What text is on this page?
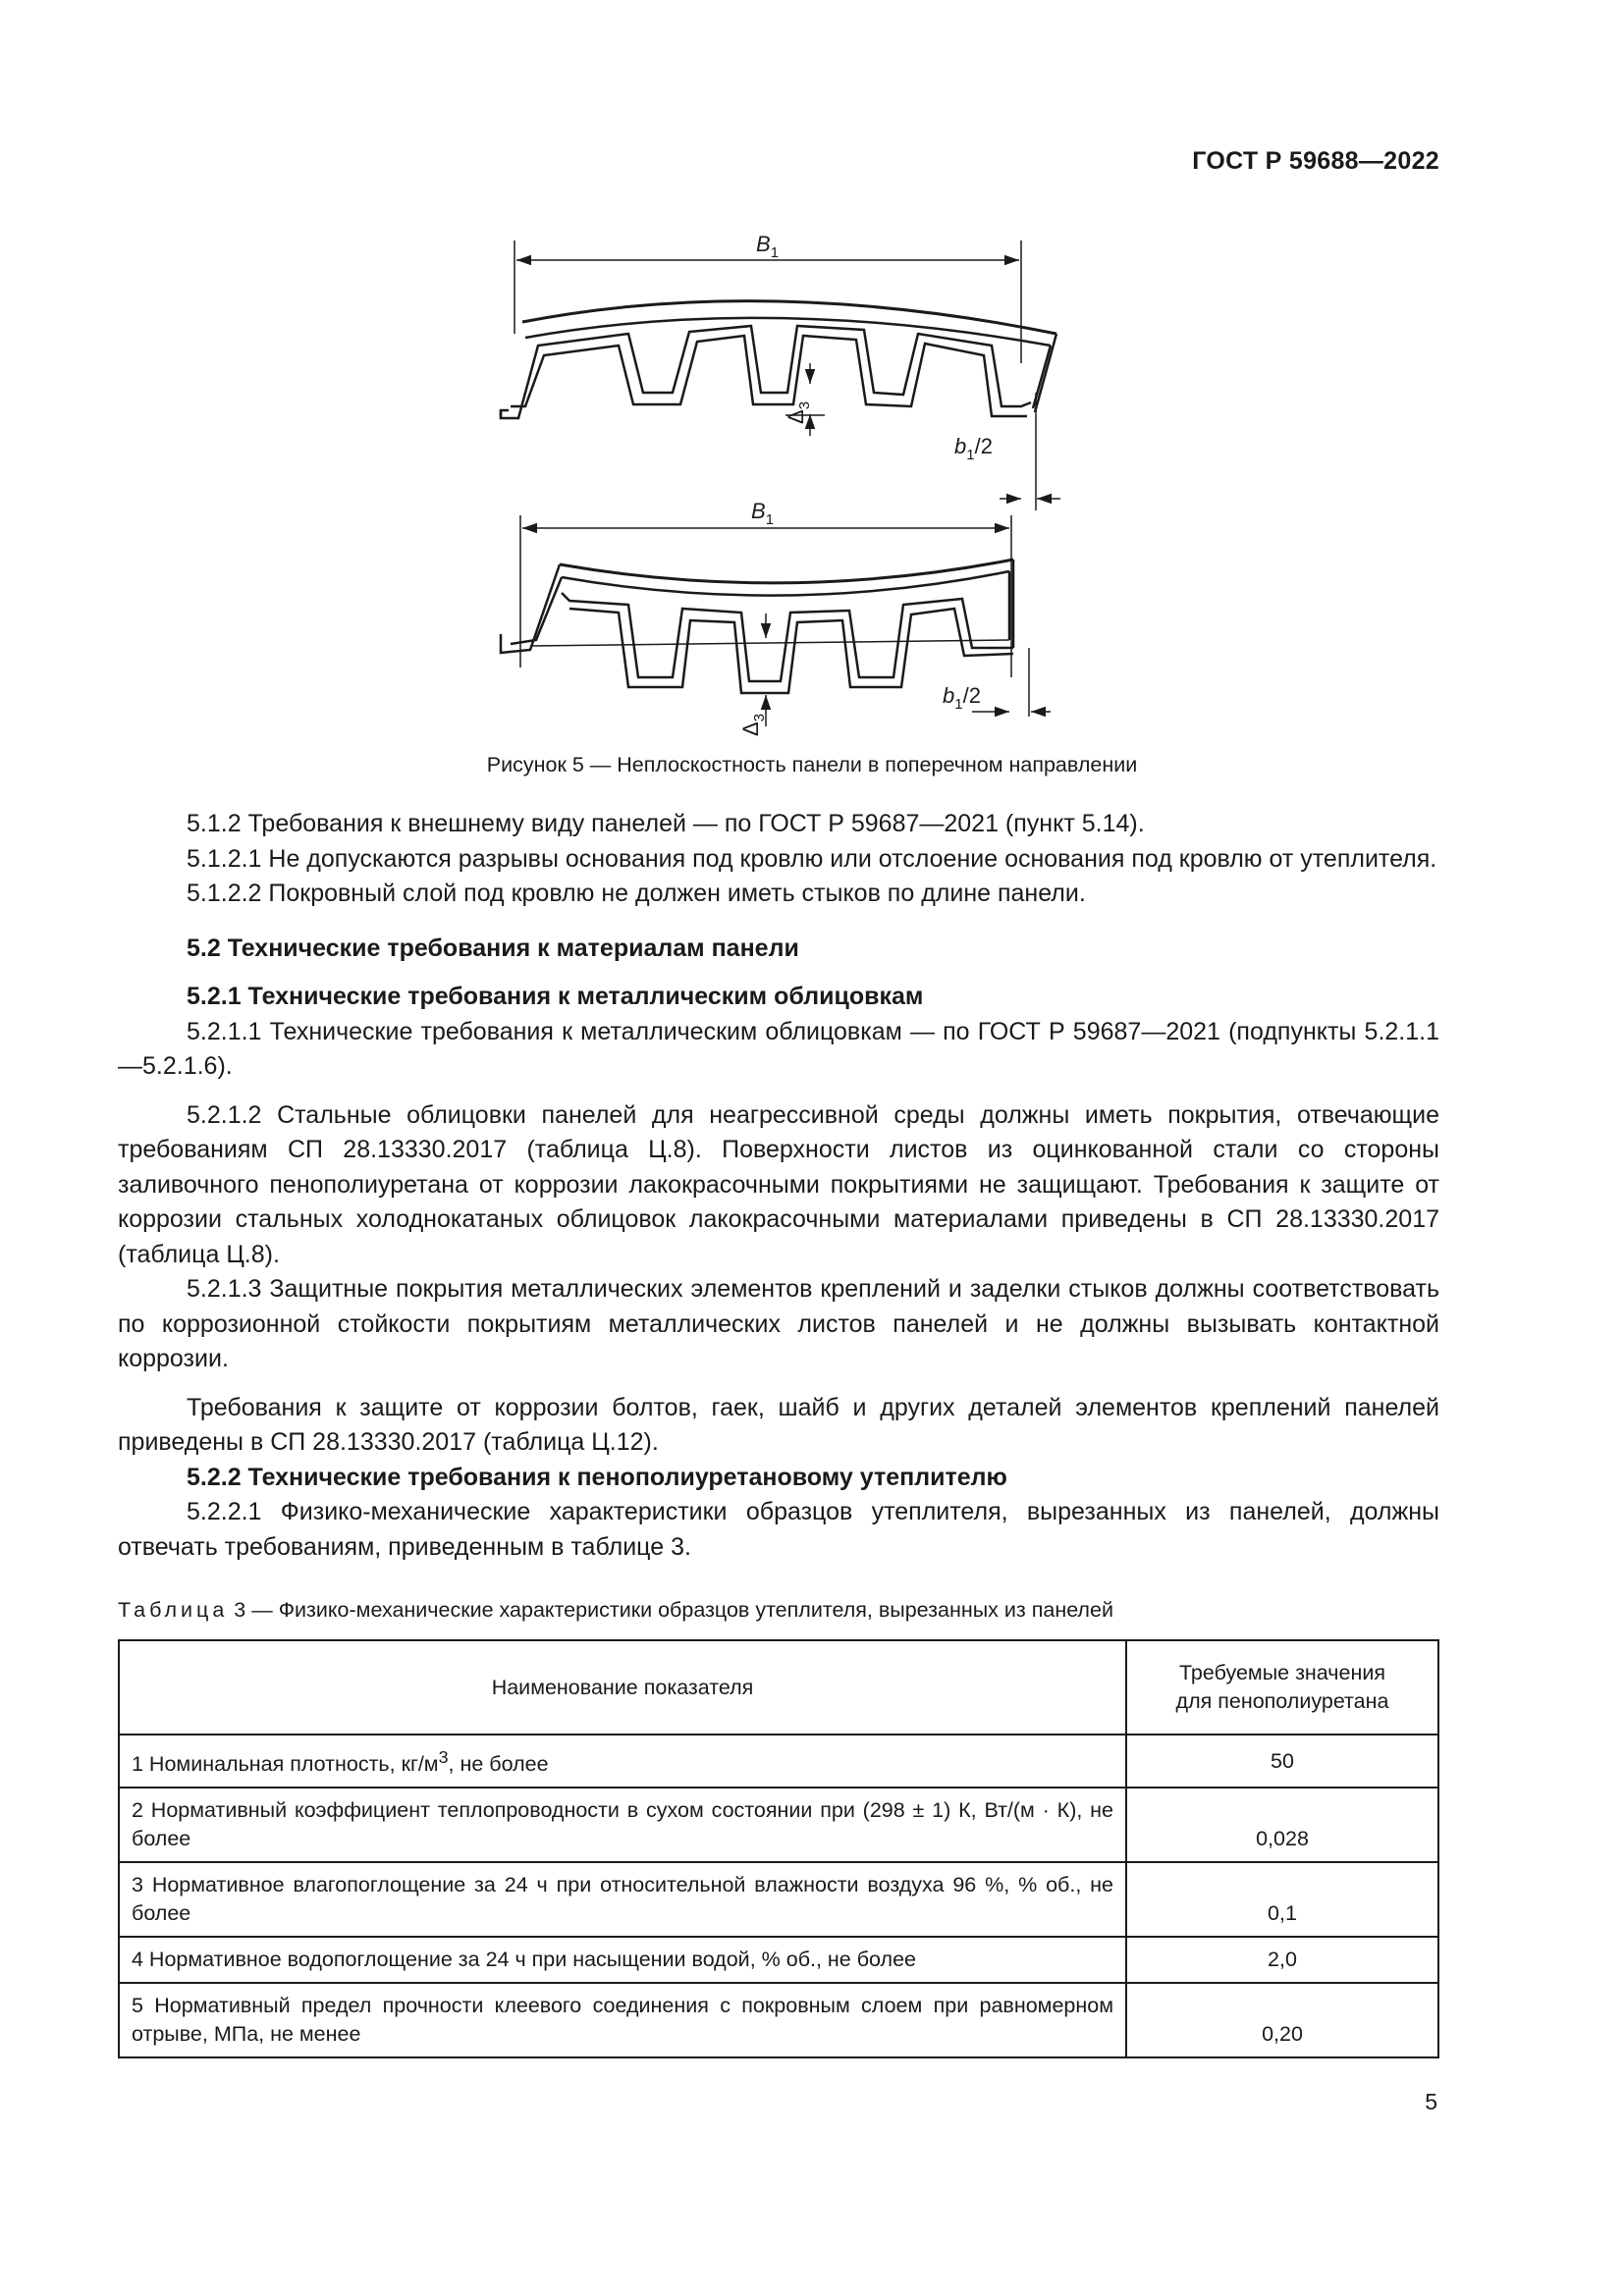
ГОСТ Р 59688—2022
$B_1$
$\Delta_3$
$b_1/2$
$B_1$
$\Delta_3$
$b_1/2$
Рисунок 5 — Неплоскостность панели в поперечном направлении

5.1.2 Требования к внешнему виду панелей — по ГОСТ Р 59687—2021 (пункт 5.14).

5.1.2.1 Не допускаются разрывы основания под кровлю или отслоение основания под кровлю от утеплителя.

5.1.2.2 Покровный слой под кровлю не должен иметь стыков по длине панели.

5.2 Технические требования к материалам панели
5.2.1 Технические требования к металлическим облицовкам

5.2.1.1 Технические требования к металлическим облицовкам — по ГОСТ Р 59687—2021 (подпункты 5.2.1.1—5.2.1.6).

5.2.1.2 Стальные облицовки панелей для неагрессивной среды должны иметь покрытия, отвечающие требованиям СП 28.13330.2017 (таблица Ц.8). Поверхности листов из оцинкованной стали со стороны заливочного пенополиуретана от коррозии лакокрасочными покрытиями не защищают. Требования к защите от коррозии стальных холоднокатаных облицовок лакокрасочными материалами приведены в СП 28.13330.2017 (таблица Ц.8).

5.2.1.3 Защитные покрытия металлических элементов креплений и заделки стыков должны соответствовать по коррозионной стойкости покрытиям металлических листов панелей и не должны вызывать контактной коррозии.

Требования к защите от коррозии болтов, гаек, шайб и других деталей элементов креплений панелей приведены в СП 28.13330.2017 (таблица Ц.12).

5.2.2 Технические требования к пенополиуретановому утеплителю

5.2.2.1 Физико-механические характеристики образцов утеплителя, вырезанных из панелей, должны отвечать требованиям, приведенным в таблице 3.

Таблица 3 — Физико-механические характеристики образцов утеплителя, вырезанных из панелей
Наименование показателя	Требуемые значения
для пенополиуретана
1 Номинальная плотность, $кг/м^3$, не более	50
2 Нормативный коэффициент теплопроводности в сухом состоянии при (298 ± 1) К, Вт/(м · К), не более	0,028
3 Нормативное влагопоглощение за 24 ч при относительной влажности воздуха 96 %, % об., не более	0,1
4 Нормативное водопоглощение за 24 ч при насыщении водой, % об., не более	2,0
5 Нормативный предел прочности клеевого соединения с покровным слоем при равномерном отрыве, МПа, не менее	0,20
5
